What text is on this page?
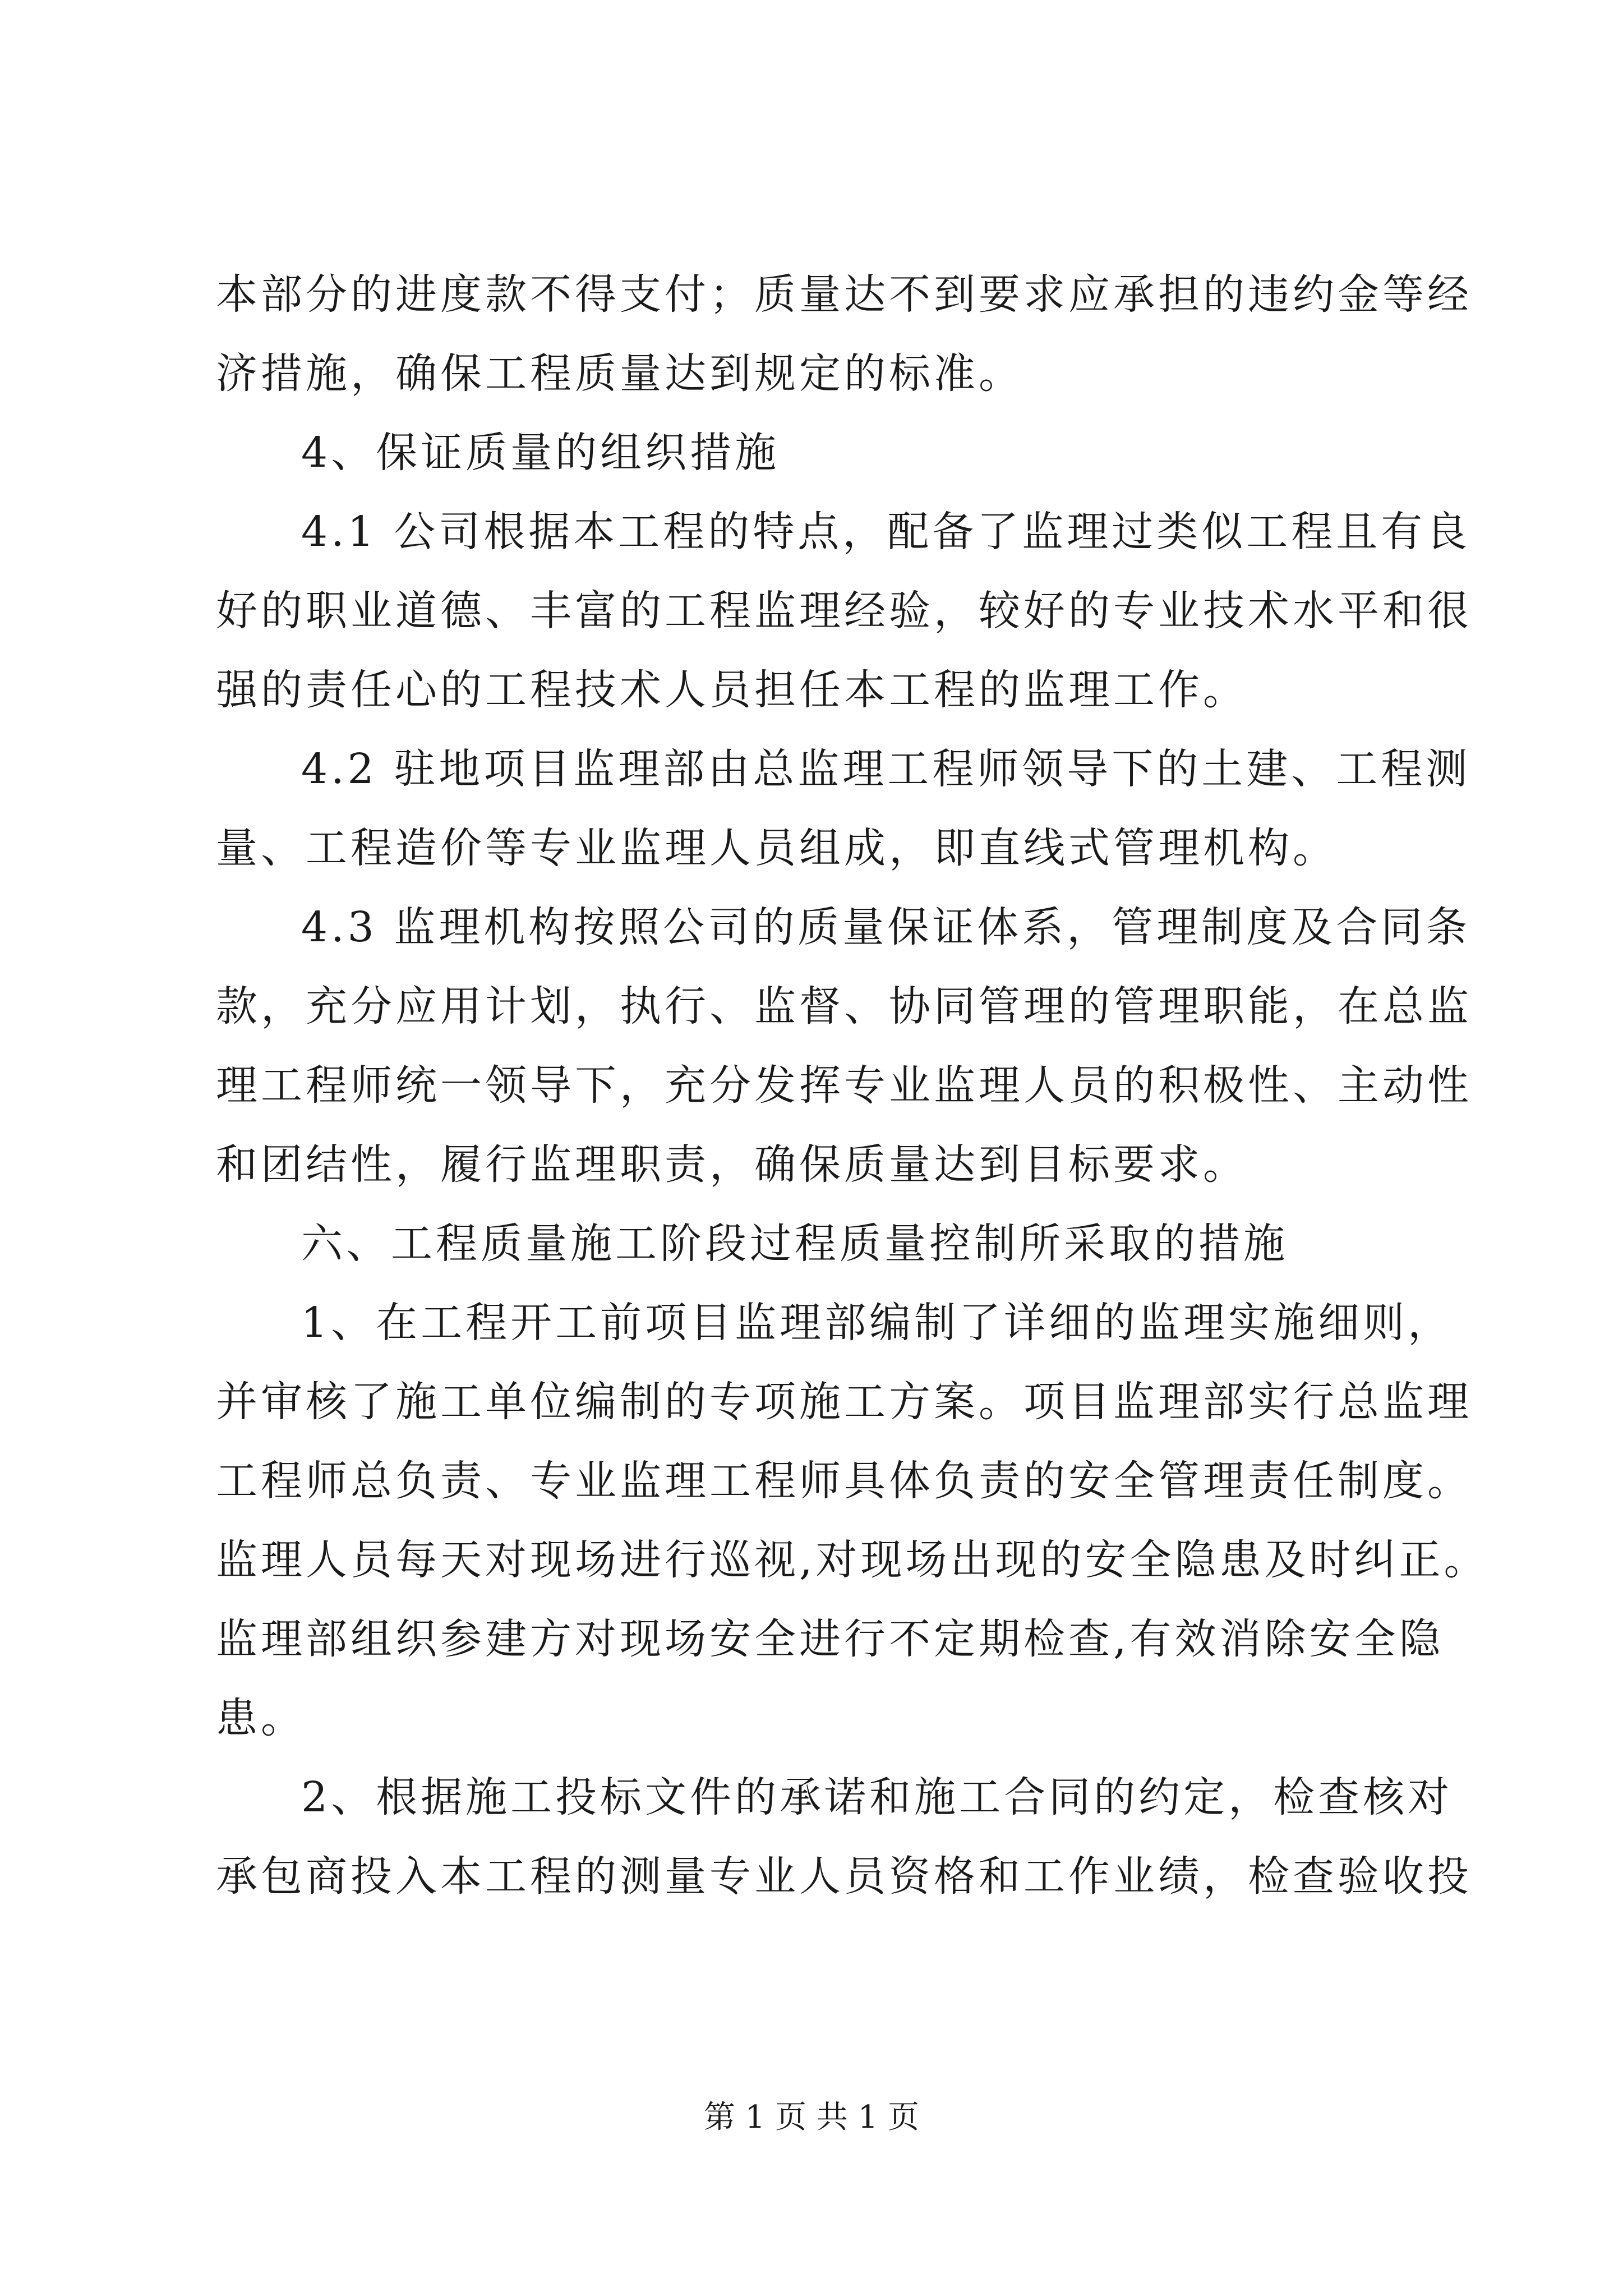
本部分的进度款不得支付；质量达不到要求应承担的违约金等经
济措施，确保工程质量达到规定的标准。
4、保证质量的组织措施
4.1 公司根据本工程的特点，配备了监理过类似工程且有良
好的职业道德、丰富的工程监理经验，较好的专业技术水平和很
强的责任心的工程技术人员担任本工程的监理工作。
4.2 驻地项目监理部由总监理工程师领导下的土建、工程测
量、工程造价等专业监理人员组成，即直线式管理机构。
4.3 监理机构按照公司的质量保证体系，管理制度及合同条
款，充分应用计划，执行、监督、协同管理的管理职能，在总监
理工程师统一领导下，充分发挥专业监理人员的积极性、主动性
和团结性，履行监理职责，确保质量达到目标要求。
六、工程质量施工阶段过程质量控制所采取的措施
1、在工程开工前项目监理部编制了详细的监理实施细则，
并审核了施工单位编制的专项施工方案。项目监理部实行总监理
工程师总负责、专业监理工程师具体负责的安全管理责任制度。
监理人员每天对现场进行巡视,对现场出现的安全隐患及时纠正。
监理部组织参建方对现场安全进行不定期检查,有效消除安全隐
患。
2、根据施工投标文件的承诺和施工合同的约定，检查核对
承包商投入本工程的测量专业人员资格和工作业绩，检查验收投
第 1 页 共 1 页
